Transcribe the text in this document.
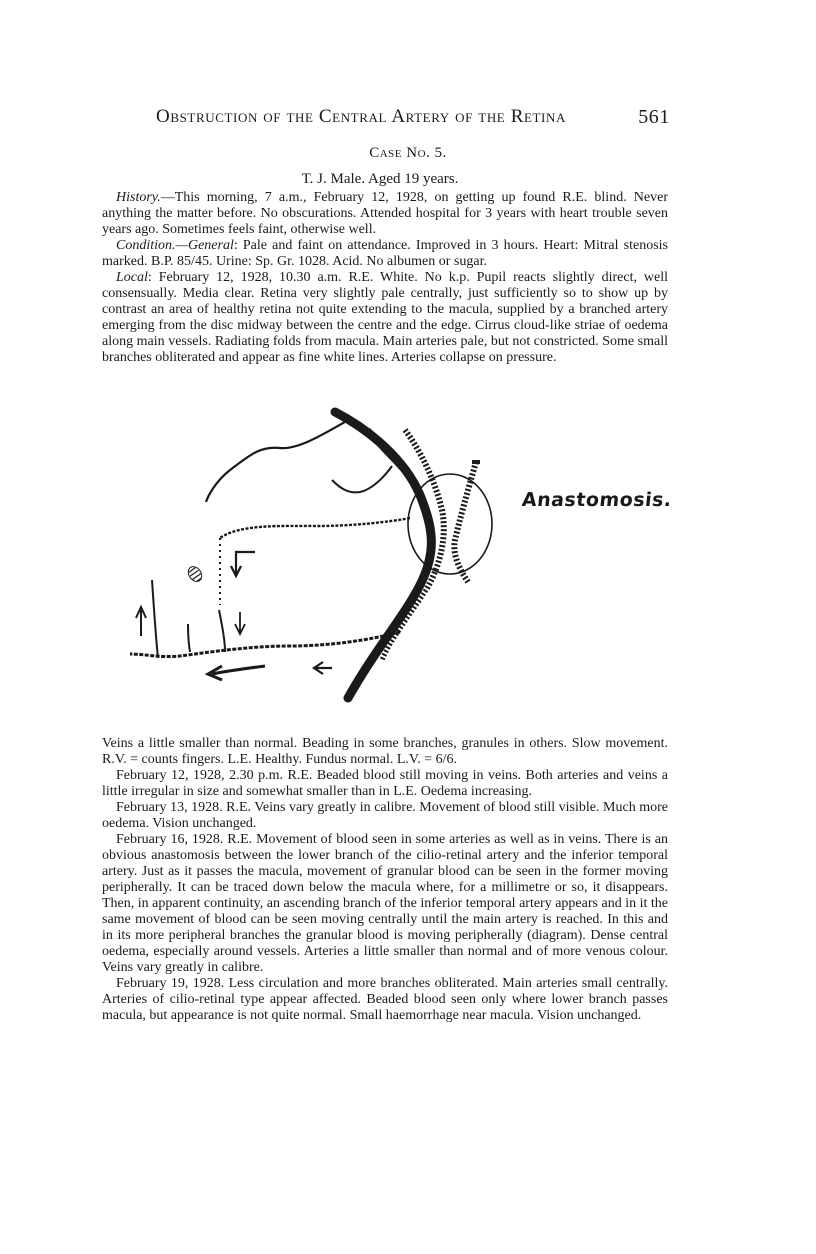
Obstruction of the Central Artery of the Retina	561
Case No. 5.
T. J. Male. Aged 19 years.

History.—This morning, 7 a.m., February 12, 1928, on getting up found R.E. blind. Never anything the matter before. No obscurations. Attended hospital for 3 years with heart trouble seven years ago. Sometimes feels faint, otherwise well.

Condition.—General: Pale and faint on attendance. Improved in 3 hours. Heart: Mitral stenosis marked. B.P. 85/45. Urine: Sp. Gr. 1028. Acid. No albumen or sugar.

Local: February 12, 1928, 10.30 a.m. R.E. White. No k.p. Pupil reacts slightly direct, well consensually. Media clear. Retina very slightly pale centrally, just sufficiently so to show up by contrast an area of healthy retina not quite extending to the macula, supplied by a branched artery emerging from the disc midway between the centre and the edge. Cirrus cloud-like striae of oedema along main vessels. Radiating folds from macula. Main arteries pale, but not constricted. Some small branches obliterated and appear as fine white lines. Arteries collapse on pressure.

Anastomosis.

Veins a little smaller than normal. Beading in some branches, granules in others. Slow movement. R.V. = counts fingers. L.E. Healthy. Fundus normal. L.V. = 6/6.

February 12, 1928, 2.30 p.m. R.E. Beaded blood still moving in veins. Both arteries and veins a little irregular in size and somewhat smaller than in L.E. Oedema increasing.

February 13, 1928. R.E. Veins vary greatly in calibre. Movement of blood still visible. Much more oedema. Vision unchanged.

February 16, 1928. R.E. Movement of blood seen in some arteries as well as in veins. There is an obvious anastomosis between the lower branch of the cilio-retinal artery and the inferior temporal artery. Just as it passes the macula, movement of granular blood can be seen in the former moving peripherally. It can be traced down below the macula where, for a millimetre or so, it disappears. Then, in apparent continuity, an ascending branch of the inferior temporal artery appears and in it the same movement of blood can be seen moving centrally until the main artery is reached. In this and in its more peripheral branches the granular blood is moving peripherally (diagram). Dense central oedema, especially around vessels. Arteries a little smaller than normal and of more venous colour. Veins vary greatly in calibre.

February 19, 1928. Less circulation and more branches obliterated. Main arteries small centrally. Arteries of cilio-retinal type appear affected. Beaded blood seen only where lower branch passes macula, but appearance is not quite normal. Small haemorrhage near macula. Vision unchanged.
